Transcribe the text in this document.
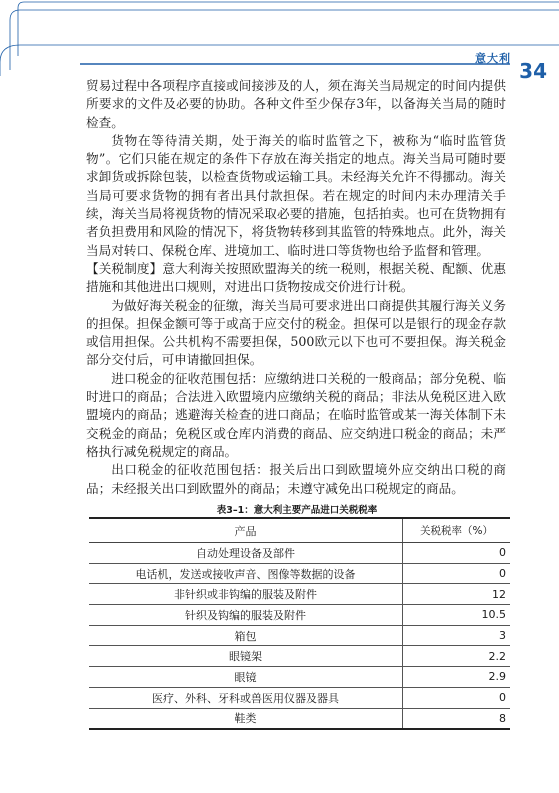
意大利
34

贸易过程中各项程序直接或间接涉及的人，须在海关当局规定的时间内提供所要求的文件及必要的协助。各种文件至少保存3年，以备海关当局的随时检查。

货物在等待清关期，处于海关的临时监管之下，被称为“临时监管货物”。它们只能在规定的条件下存放在海关指定的地点。海关当局可随时要求卸货或拆除包装，以检查货物或运输工具。未经海关允许不得挪动。海关当局可要求货物的拥有者出具付款担保。若在规定的时间内未办理清关手续，海关当局将视货物的情况采取必要的措施，包括拍卖。也可在货物拥有者负担费用和风险的情况下，将货物转移到其监管的特殊地点。此外，海关当局对转口、保税仓库、进境加工、临时进口等货物也给予监督和管理。

【关税制度】意大利海关按照欧盟海关的统一税则，根据关税、配额、优惠措施和其他进出口规则，对进出口货物按成交价进行计税。

为做好海关税金的征缴，海关当局可要求进出口商提供其履行海关义务的担保。担保金额可等于或高于应交付的税金。担保可以是银行的现金存款或信用担保。公共机构不需要担保，500欧元以下也可不要担保。海关税金部分交付后，可申请撤回担保。

进口税金的征收范围包括：应缴纳进口关税的一般商品；部分免税、临时进口的商品；合法进入欧盟境内应缴纳关税的商品；非法从免税区进入欧盟境内的商品；逃避海关检查的进口商品；在临时监管或某一海关体制下未交税金的商品；免税区或仓库内消费的商品、应交纳进口税金的商品；未严格执行减免税规定的商品。

出口税金的征收范围包括：报关后出口到欧盟境外应交纳出口税的商品；未经报关出口到欧盟外的商品；未遵守减免出口税规定的商品。

表3–1：意大利主要产品进口关税税率
产品	关税税率（%）
自动处理设备及部件	0
电话机，发送或接收声音、图像等数据的设备	0
非针织或非钩编的服装及附件	12
针织及钩编的服装及附件	10.5
箱包	3
眼镜架	2.2
眼镜	2.9
医疗、外科、牙科或兽医用仪器及器具	0
鞋类	8
